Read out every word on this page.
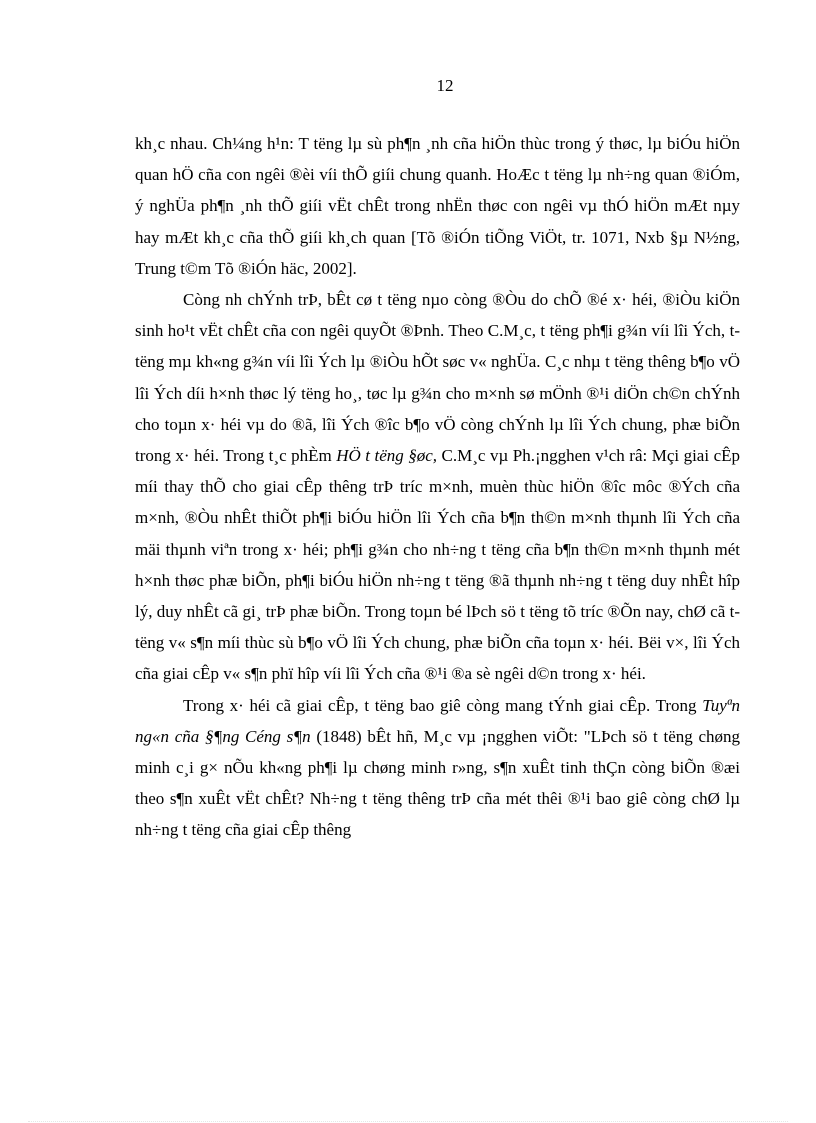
12

kh¸c nhau. Ch¼ng h¹n: T tëng lµ sù ph¶n ¸nh cña hiÖn thùc trong ý thøc, lµ biÓu hiÖn quan hÖ cña con ngêi ®èi víi thÕ giíi chung quanh. HoÆc t tëng lµ nh÷ng quan ®iÓm, ý nghÜa ph¶n ¸nh thÕ giíi vËt chÊt trong nhËn thøc con ngêi vµ thÓ hiÖn mÆt nµy hay mÆt kh¸c cña thÕ giíi kh¸ch quan [Tõ ®iÓn tiÕng ViÖt, tr. 1071, Nxb §µ N½ng, Trung t©m Tõ ®iÓn häc, 2002].

Còng nh chÝnh trÞ, bÊt cø t tëng nµo còng ®Òu do chÕ ®é x· héi, ®iÒu kiÖn sinh ho¹t vËt chÊt cña con ngêi quyÕt ®Þnh. Theo C.M¸c, t tëng ph¶i g¾n víi lîi Ých, t tëng mµ kh«ng g¾n víi lîi Ých lµ ®iÒu hÕt søc v« nghÜa. C¸c nhµ t tëng thêng b¶o vÖ lîi Ých díi h×nh thøc lý tëng ho¸, tøc lµ g¾n cho m×nh sø mÖnh ®¹i diÖn ch©n chÝnh cho toµn x· héi vµ do ®ã, lîi Ých ®îc b¶o vÖ còng chÝnh lµ lîi Ých chung, phæ biÕn trong x· héi. Trong t¸c phÈm HÖ t tëng §øc, C.M¸c vµ Ph.¡ngghen v¹ch râ: Mçi giai cÊp míi thay thÕ cho giai cÊp thêng trÞ tríc m×nh, muèn thùc hiÖn ®îc môc ®Ých cña m×nh, ®Òu nhÊt thiÕt ph¶i biÓu hiÖn lîi Ých cña b¶n th©n m×nh thµnh lîi Ých cña mäi thµnh viªn trong x· héi; ph¶i g¾n cho nh÷ng t tëng cña b¶n th©n m×nh thµnh mét h×nh thøc phæ biÕn, ph¶i biÓu hiÖn nh÷ng t tëng ®ã thµnh nh÷ng t tëng duy nhÊt hîp lý, duy nhÊt cã gi¸ trÞ phæ biÕn. Trong toµn bé lÞch sö t tëng tõ tríc ®Õn nay, chØ cã t tëng v« s¶n míi thùc sù b¶o vÖ lîi Ých chung, phæ biÕn cña toµn x· héi. Bëi v×, lîi Ých cña giai cÊp v« s¶n phï hîp víi lîi Ých cña ®¹i ®a sè ngêi d©n trong x· héi.

Trong x· héi cã giai cÊp, t tëng bao giê còng mang tÝnh giai cÊp. Trong Tuyªn ng«n cña §¶ng Céng s¶n (1848) bÊt hñ, M¸c vµ ¡ngghen viÕt: "LÞch sö t tëng chøng minh c¸i g× nÕu kh«ng ph¶i lµ chøng minh r»ng, s¶n xuÊt tinh thÇn còng biÕn ®æi theo s¶n xuÊt vËt chÊt? Nh÷ng t tëng thêng trÞ cña mét thêi ®¹i bao giê còng chØ lµ nh÷ng t tëng cña giai cÊp thêng
